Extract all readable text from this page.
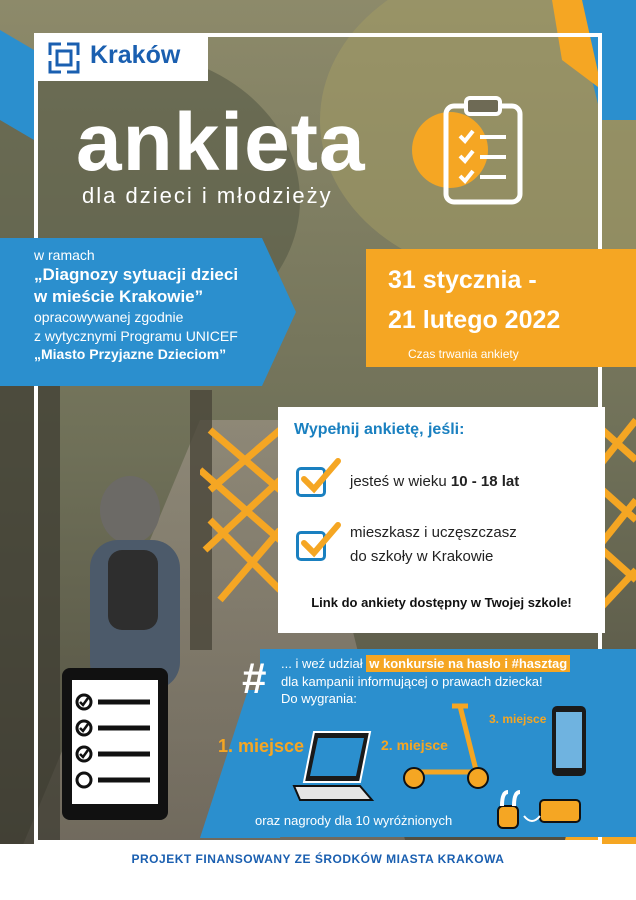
Kraków
ankieta
dla dzieci i młodzieży
w ramach
„Diagnozy sytuacji dzieci
w mieście Krakowie”
opracowywanej zgodnie
z wytycznymi Programu UNICEF
„Miasto Przyjazne Dzieciom”
31 stycznia -
21 lutego 2022
Czas trwania ankiety
Wypełnij ankietę, jeśli:
jesteś w wieku 10 - 18 lat
mieszkasz i uczęszczasz
do szkoły w Krakowie
Link do ankiety dostępny w Twojej szkole!
# ... i weź udział w konkursie na hasło i #hasztag
dla kampanii informującej o prawach dziecka!
Do wygrania:
1. miejsce	2. miejsce
3. miejsce
oraz nagrody dla 10 wyróżnionych
PROJEKT FINANSOWANY ZE ŚRODKÓW MIASTA KRAKOWA
